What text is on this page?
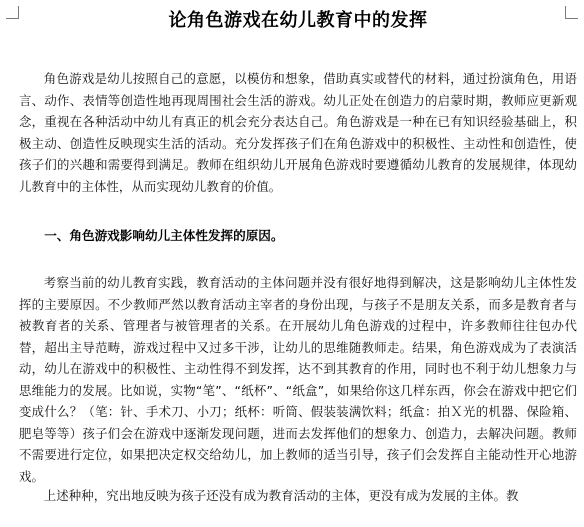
论角色游戏在幼儿教育中的发挥

角色游戏是幼儿按照自己的意愿，以模仿和想象，借助真实或替代的材料，通过扮演角色，用语言、动作、表情等创造性地再现周围社会生活的游戏。幼儿正处在创造力的启蒙时期，教师应更新观念，重视在各种活动中幼儿有真正的机会充分表达自己。角色游戏是一种在已有知识经验基础上，积极主动、创造性反映现实生活的活动。充分发挥孩子们在角色游戏中的积极性、主动性和创造性，使孩子们的兴趣和需要得到满足。教师在组织幼儿开展角色游戏时要遵循幼儿教育的发展规律，体现幼儿教育中的主体性，从而实现幼儿教育的价值。

一、角色游戏影响幼儿主体性发挥的原因。

考察当前的幼儿教育实践，教育活动的主体问题并没有很好地得到解决，这是影响幼儿主体性发挥的主要原因。不少教师严然以教育活动主宰者的身份出现，与孩子不是朋友关系，而多是教育者与被教育者的关系、管理者与被管理者的关系。在开展幼儿角色游戏的过程中，许多教师往往包办代替，超出主导范畴，游戏过程中又过多干涉，让幼儿的思维随教师走。结果，角色游戏成为了表演活动，幼儿在游戏中的积极性、主动性得不到发挥，达不到其教育的作用，同时也不利于幼儿想象力与思维能力的发展。比如说，实物“笔”、“纸杯”、“纸盒”，如果给你这几样东西，你会在游戏中把它们变成什么？（笔：针、手术刀、小刀；纸杯：听筒、假装装满饮料；纸盒：拍Ｘ光的机器、保险箱、肥皂等等）孩子们会在游戏中逐渐发现问题，进而去发挥他们的想象力、创造力，去解决问题。教师不需要进行定位，如果把决定权交给幼儿，加上教师的适当引导，孩子们会发挥自主能动性开心地游戏。

上述种种，究出地反映为孩子还没有成为教育活动的主体，更没有成为发展的主体。教
